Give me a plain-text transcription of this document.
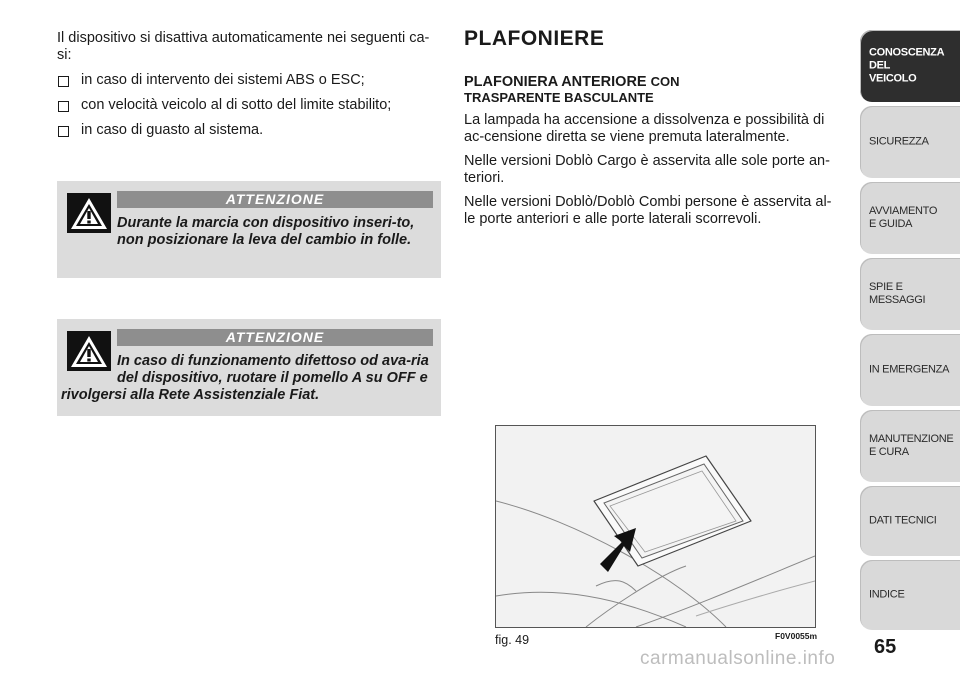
Il dispositivo si disattiva automaticamente nei seguenti ca-si:

in caso di intervento dei sistemi ABS o ESC;
con velocità veicolo al di sotto del limite stabilito;
in caso di guasto al sistema.
ATTENZIONE
Durante la marcia con dispositivo inseri-to, non posizionare la leva del cambio in folle.
ATTENZIONE
In caso di funzionamento difettoso od ava-ria del dispositivo, ruotare il pomello A su OFF e rivolgersi alla Rete Assistenziale Fiat.
PLAFONIERE
PLAFONIERA ANTERIORE CON
TRASPARENTE BASCULANTE

La lampada ha accensione a dissolvenza e possibilità di ac-censione diretta se viene premuta lateralmente.

Nelle versioni Doblò Cargo è asservita alle sole porte an-teriori.

Nelle versioni Doblò/Doblò Combi persone è asservita al-le porte anteriori e alle porte laterali scorrevoli.

fig. 49	F0V0055m
CONOSCENZA
DEL
VEICOLO
SICUREZZA
AVVIAMENTO
E GUIDA
SPIE E
MESSAGGI
IN EMERGENZA
MANUTENZIONE
E CURA
DATI TECNICI
INDICE
65
carmanualsonline.info
